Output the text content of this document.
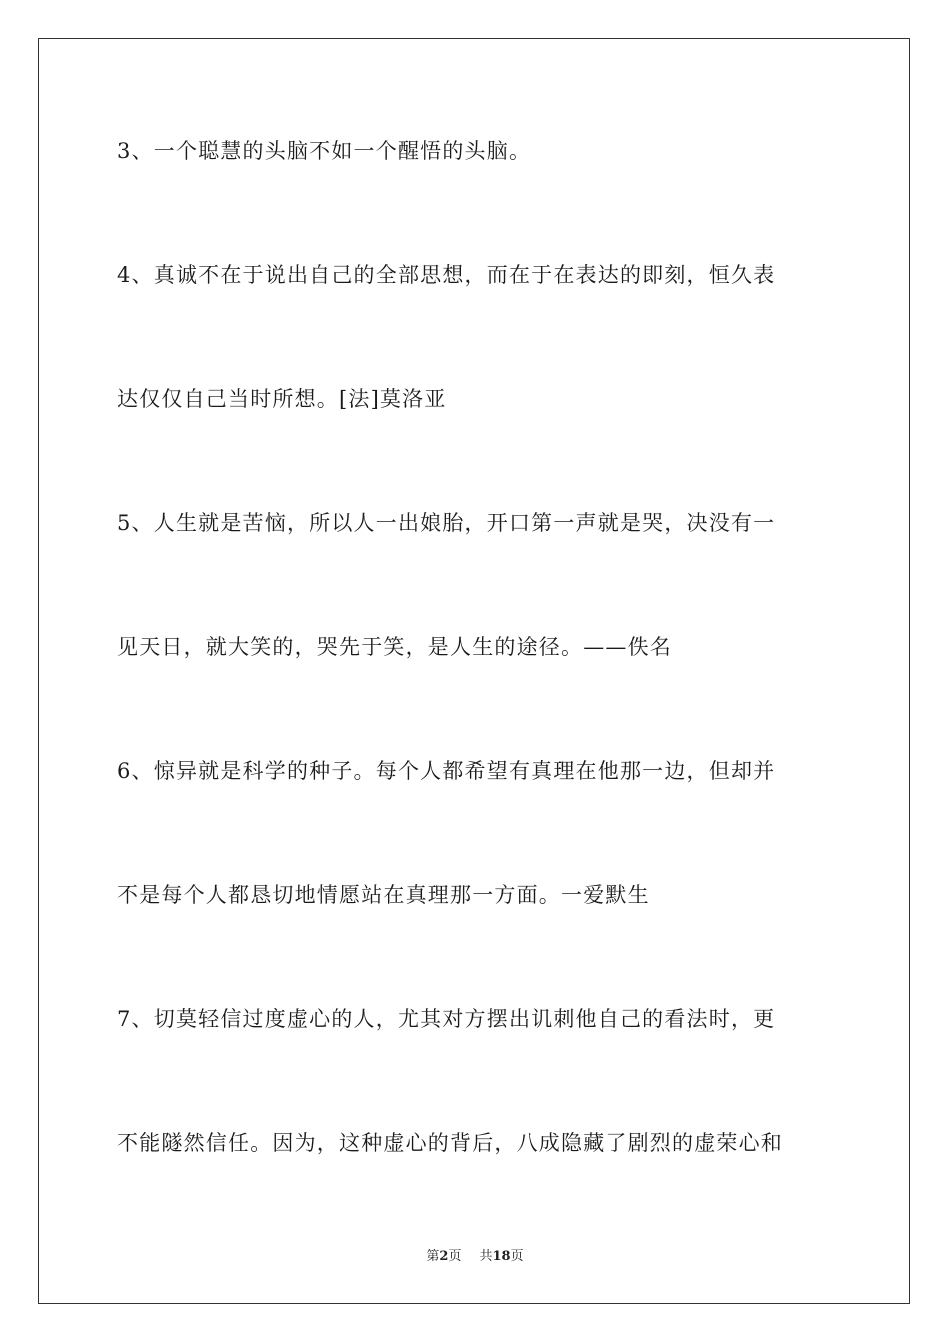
3、一个聪慧的头脑不如一个醒悟的头脑。
4、真诚不在于说出自己的全部思想，而在于在表达的即刻，恒久表
达仅仅自己当时所想。[法]莫洛亚
5、人生就是苦恼，所以人一出娘胎，开口第一声就是哭，决没有一
见天日，就大笑的，哭先于笑，是人生的途径。——佚名
6、惊异就是科学的种子。每个人都希望有真理在他那一边，但却并
不是每个人都恳切地情愿站在真理那一方面。一爱默生
7、切莫轻信过度虚心的人，尤其对方摆出讥刺他自己的看法时，更
不能隧然信任。因为，这种虚心的背后，八成隐藏了剧烈的虚荣心和
第2页 共18页
